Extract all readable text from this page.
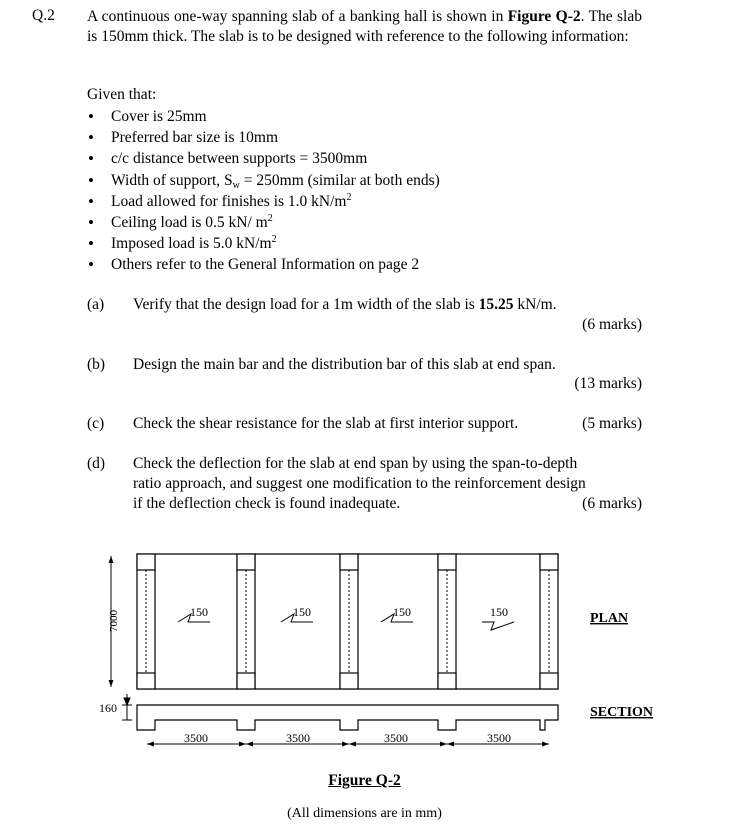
Q.2 A continuous one-way spanning slab of a banking hall is shown in Figure Q-2. The slab is 150mm thick. The slab is to be designed with reference to the following information:
Given that:
• Cover is 25mm
• Preferred bar size is 10mm
• c/c distance between supports = 3500mm
• Width of support, $S_w = 250mm$ (similar at both ends)
• Load allowed for finishes is 1.0 $kN/m^2$
• Ceiling load is 0.5 kN/ $m^2$
• Imposed load is 5.0 $kN/m^2$
• Others refer to the General Information on page 2
(a) Verify that the design load for a 1m width of the slab is 15.25 kN/m.
(6 marks)
(b) Design the main bar and the distribution bar of this slab at end span.
(13 marks)
(c) Check the shear resistance for the slab at first interior support.	(5 marks)
(d) Check the deflection for the slab at end span by using the span-to-depth
ratio approach, and suggest one modification to the reinforcement design
if the deflection check is found inadequate.	(6 marks)
150	150	150	150
7000	PLAN
160	SECTION
3500	3500	3500	3500
Figure Q-2
(All dimensions are in mm)
